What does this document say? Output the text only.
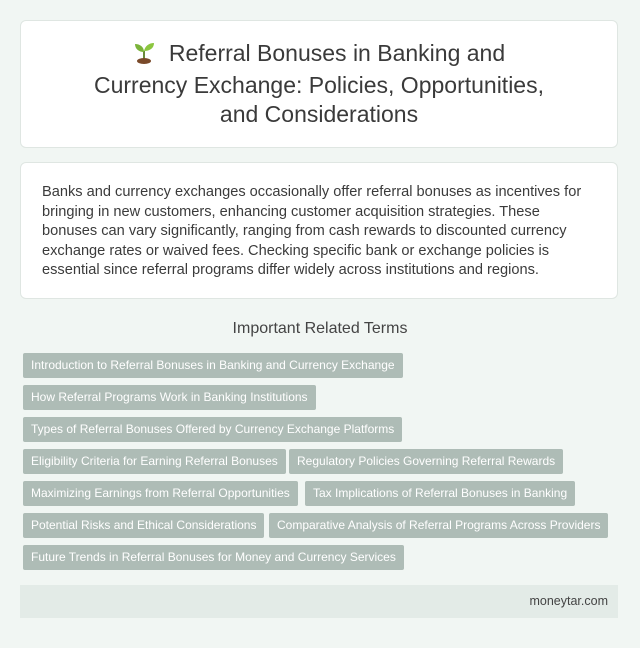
Referral Bonuses in Banking and Currency Exchange: Policies, Opportunities, and Considerations

Banks and currency exchanges occasionally offer referral bonuses as incentives for bringing in new customers, enhancing customer acquisition strategies. These bonuses can vary significantly, ranging from cash rewards to discounted currency exchange rates or waived fees. Checking specific bank or exchange policies is essential since referral programs differ widely across institutions and regions.

Important Related Terms
Introduction to Referral Bonuses in Banking and Currency Exchange
How Referral Programs Work in Banking Institutions
Types of Referral Bonuses Offered by Currency Exchange Platforms
Eligibility Criteria for Earning Referral Bonuses	Regulatory Policies Governing Referral Rewards
Maximizing Earnings from Referral Opportunities	Tax Implications of Referral Bonuses in Banking
Potential Risks and Ethical Considerations	Comparative Analysis of Referral Programs Across Providers
Future Trends in Referral Bonuses for Money and Currency Services
moneytar.com
